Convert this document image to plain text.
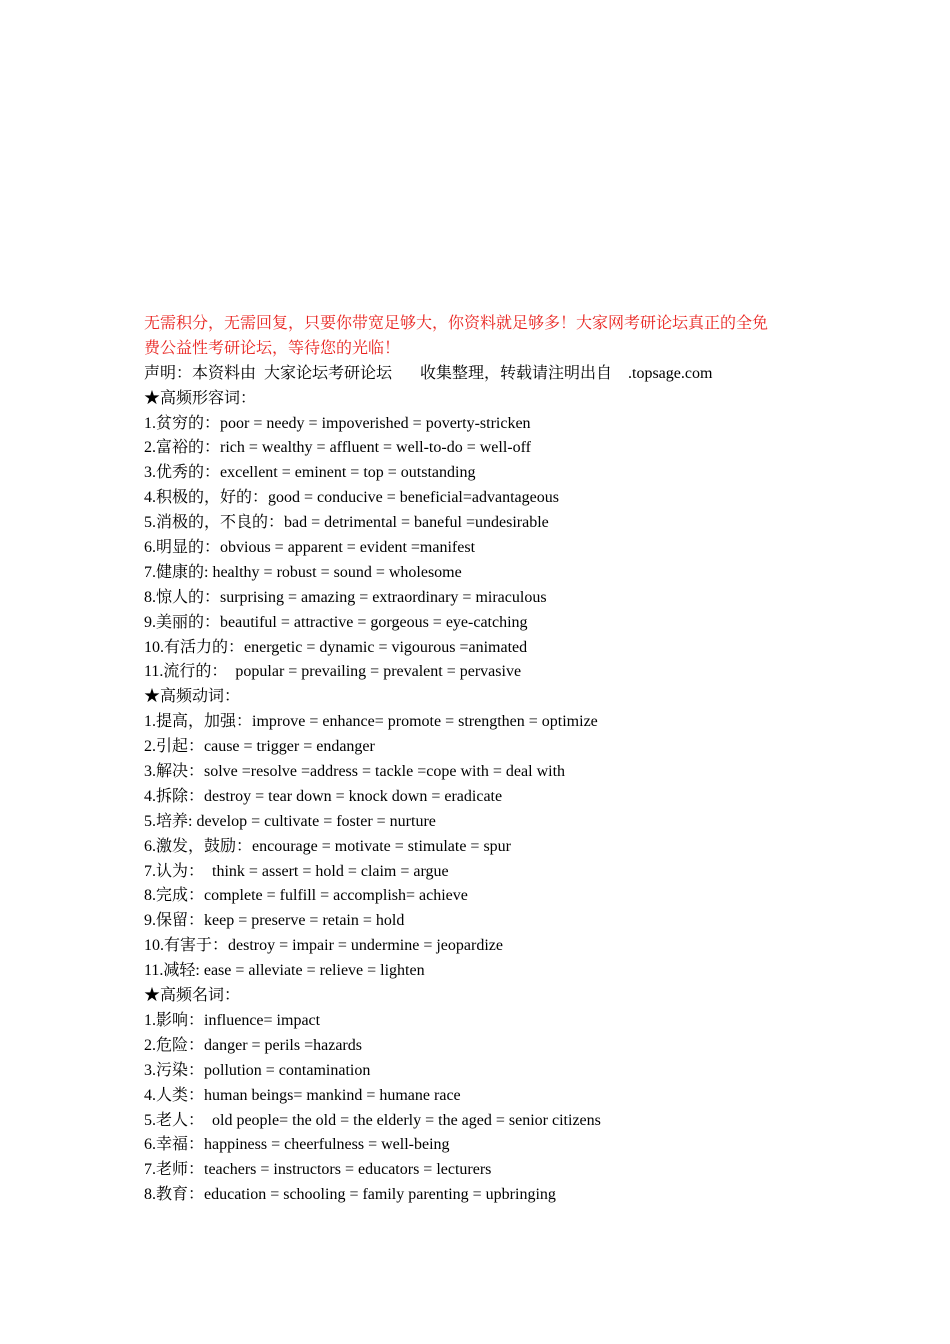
无需积分，无需回复，只要你带宽足够大，你资料就足够多！大家网考研论坛真正的全免
费公益性考研论坛，等待您的光临！
声明：本资料由  大家论坛考研论坛       收集整理，转载请注明出自    .topsage.com
★高频形容词：
1.贫穷的：poor = needy = impoverished = poverty-stricken
2.富裕的：rich = wealthy = affluent = well-to-do = well-off
3.优秀的：excellent = eminent = top = outstanding
4.积极的，好的：good = conducive = beneficial=advantageous
5.消极的，不良的：bad = detrimental = baneful =undesirable
6.明显的：obvious = apparent = evident =manifest
7.健康的: healthy = robust = sound = wholesome
8.惊人的：surprising = amazing = extraordinary = miraculous
9.美丽的：beautiful = attractive = gorgeous = eye-catching
10.有活力的：energetic = dynamic = vigourous =animated
11.流行的：  popular = prevailing = prevalent = pervasive
★高频动词：
1.提高，加强：improve = enhance= promote = strengthen = optimize
2.引起：cause = trigger = endanger
3.解决：solve =resolve =address = tackle =cope with = deal with
4.拆除：destroy = tear down = knock down = eradicate
5.培养: develop = cultivate = foster = nurture
6.激发，鼓励：encourage = motivate = stimulate = spur
7.认为：  think = assert = hold = claim = argue
8.完成：complete = fulfill = accomplish= achieve
9.保留：keep = preserve = retain = hold
10.有害于：destroy = impair = undermine = jeopardize
11.减轻: ease = alleviate = relieve = lighten
★高频名词：
1.影响：influence= impact
2.危险：danger = perils =hazards
3.污染：pollution = contamination
4.人类：human beings= mankind = humane race
5.老人：  old people= the old = the elderly = the aged = senior citizens
6.幸福：happiness = cheerfulness = well-being
7.老师：teachers = instructors = educators = lecturers
8.教育：education = schooling = family parenting = upbringing
